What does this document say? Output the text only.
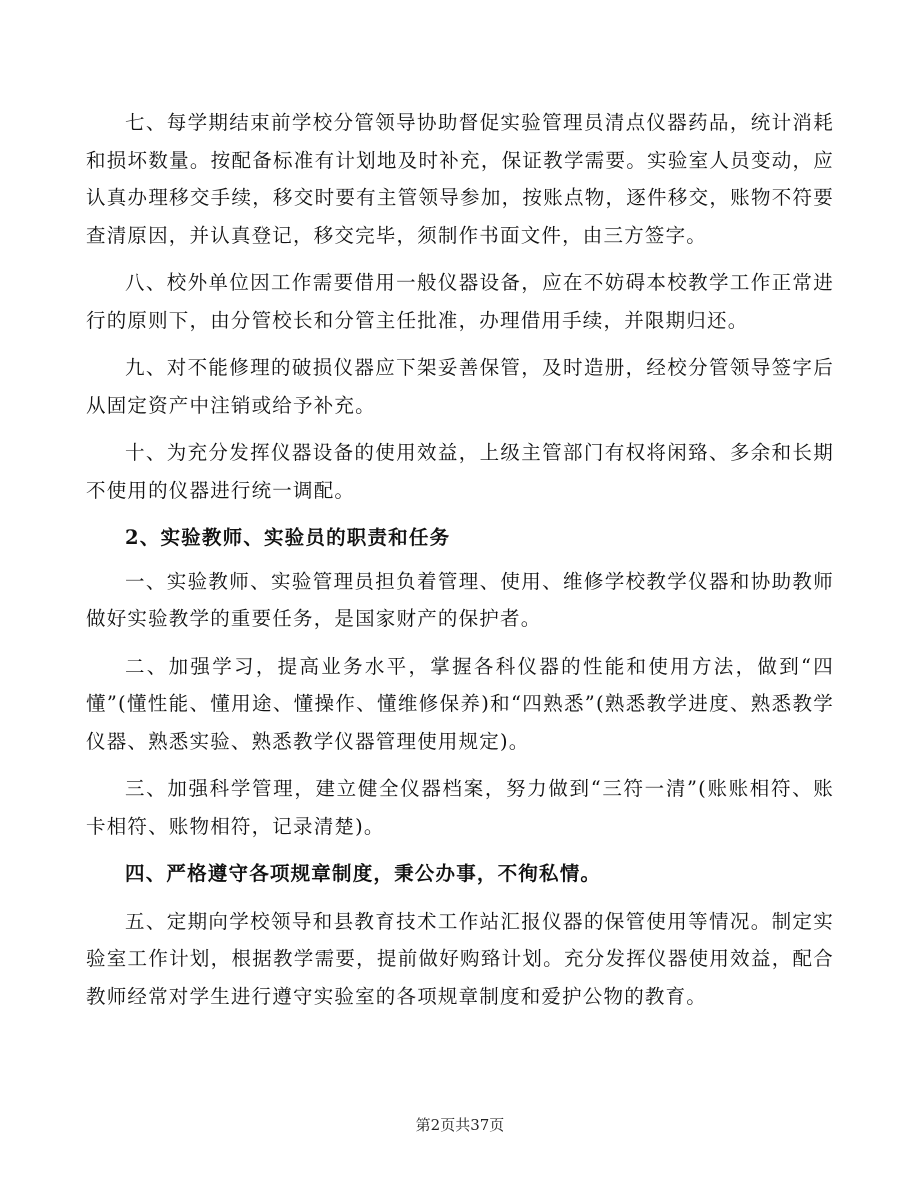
七、每学期结束前学校分管领导协助督促实验管理员清点仪器药品，统计消耗和损坏数量。按配备标准有计划地及时补充，保证教学需要。实验室人员变动，应认真办理移交手续，移交时要有主管领导参加，按账点物，逐件移交，账物不符要查清原因，并认真登记，移交完毕，须制作书面文件，由三方签字。

八、校外单位因工作需要借用一般仪器设备，应在不妨碍本校教学工作正常进行的原则下，由分管校长和分管主任批准，办理借用手续，并限期归还。

九、对不能修理的破损仪器应下架妥善保管，及时造册，经校分管领导签字后从固定资产中注销或给予补充。

十、为充分发挥仪器设备的使用效益，上级主管部门有权将闲臵、多余和长期不使用的仪器进行统一调配。

2、实验教师、实验员的职责和任务

一、实验教师、实验管理员担负着管理、使用、维修学校教学仪器和协助教师做好实验教学的重要任务，是国家财产的保护者。

二、加强学习，提高业务水平，掌握各科仪器的性能和使用方法，做到“四懂”(懂性能、懂用途、懂操作、懂维修保养)和“四熟悉”(熟悉教学进度、熟悉教学仪器、熟悉实验、熟悉教学仪器管理使用规定)。

三、加强科学管理，建立健全仪器档案，努力做到“三符一清”(账账相符、账卡相符、账物相符，记录清楚)。

四、严格遵守各项规章制度，秉公办事，不徇私情。

五、定期向学校领导和县教育技术工作站汇报仪器的保管使用等情况。制定实验室工作计划，根据教学需要，提前做好购臵计划。充分发挥仪器使用效益，配合教师经常对学生进行遵守实验室的各项规章制度和爱护公物的教育。

第2页共37页
